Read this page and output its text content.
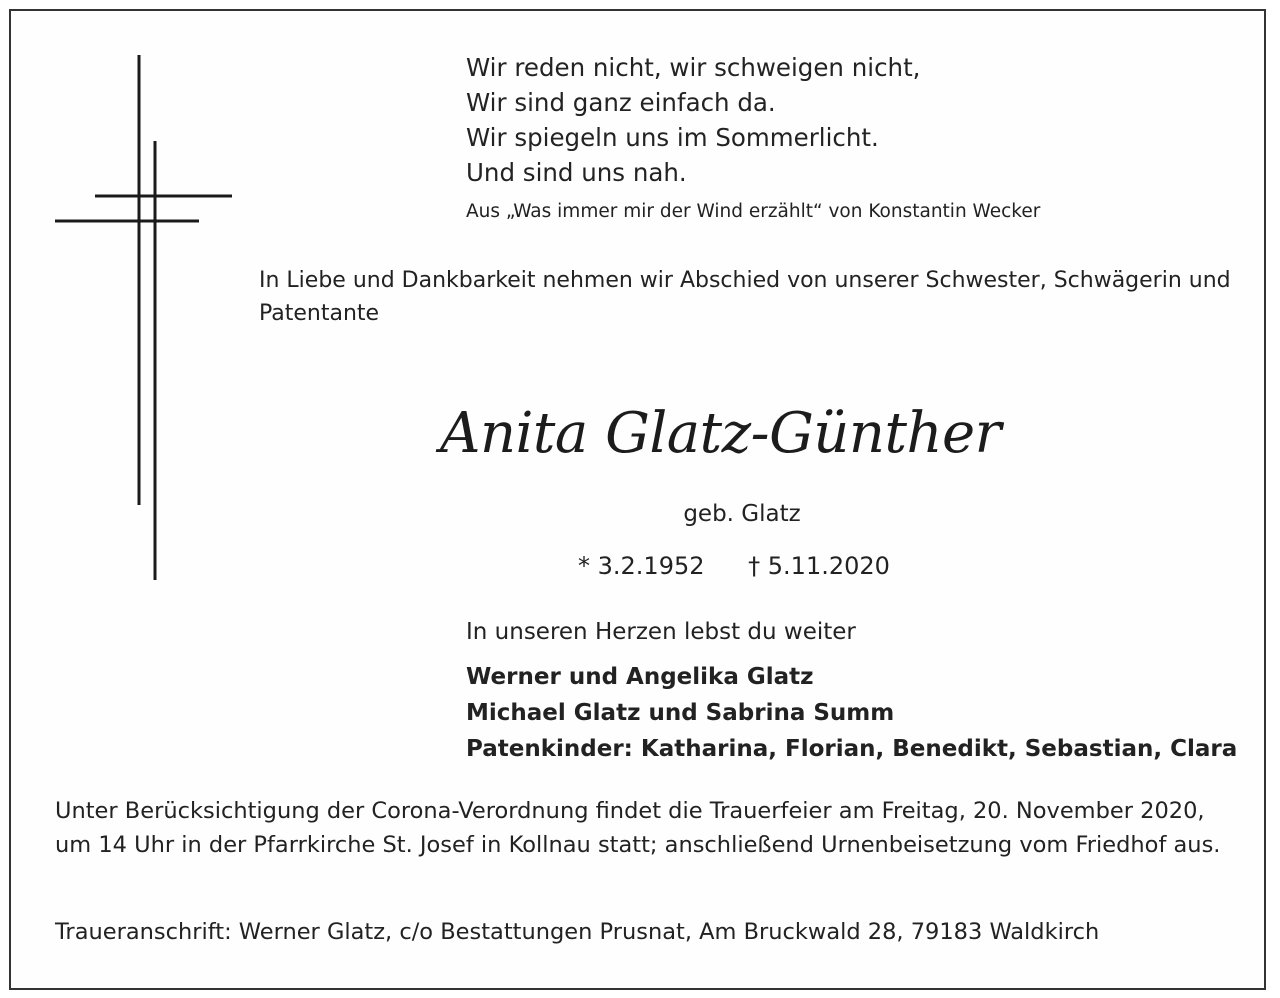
Wir reden nicht, wir schweigen nicht,
Wir sind ganz einfach da.
Wir spiegeln uns im Sommerlicht.
Und sind uns nah.
Aus „Was immer mir der Wind erzählt“ von Konstantin Wecker
In Liebe und Dankbarkeit nehmen wir Abschied von unserer Schwester, Schwägerin und Patentante
Anita Glatz-Günther
geb. Glatz
* 3.2.1952 † 5.11.2020
In unseren Herzen lebst du weiter
Werner und Angelika Glatz
Michael Glatz und Sabrina Summ
Patenkinder: Katharina, Florian, Benedikt, Sebastian, Clara
Unter Berücksichtigung der Corona-Verordnung findet die Trauerfeier am Freitag, 20. November 2020, um 14 Uhr in der Pfarrkirche St. Josef in Kollnau statt; anschließend Urnenbeisetzung vom Friedhof aus.
Traueranschrift: Werner Glatz, c/o Bestattungen Prusnat, Am Bruckwald 28, 79183 Waldkirch
